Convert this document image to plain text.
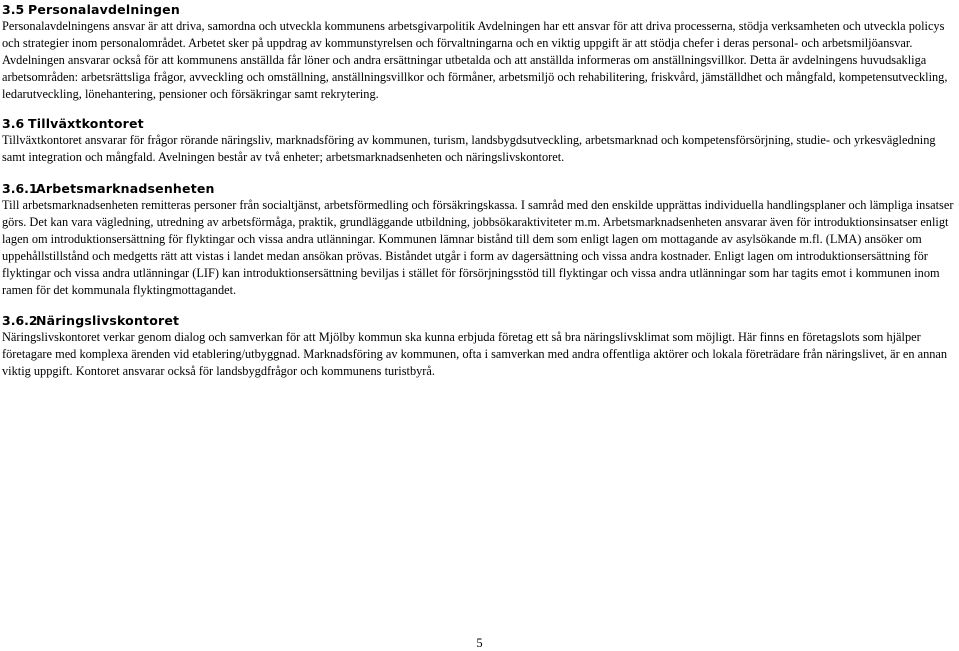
3.5 Personalavdelningen

Personalavdelningens ansvar är att driva, samordna och utveckla kommunens arbetsgivarpolitik Avdelningen har ett ansvar för att driva processerna, stödja verksamheten och utveckla policys och strategier inom personalområdet. Arbetet sker på uppdrag av kommunstyrelsen och förvaltningarna och en viktig uppgift är att stödja chefer i deras personal- och arbetsmiljöansvar. Avdelningen ansvarar också för att kommunens anställda får löner och andra ersättningar utbetalda och att anställda informeras om anställningsvillkor. Detta är avdelningens huvudsakliga arbetsområden: arbetsrättsliga frågor, avveckling och omställning, anställningsvillkor och förmåner, arbetsmiljö och rehabilitering, friskvård, jämställdhet och mångfald, kompetensutveckling, ledarutveckling, lönehantering, pensioner och försäkringar samt rekrytering.

3.6 Tillväxtkontoret

Tillväxtkontoret ansvarar för frågor rörande näringsliv, marknadsföring av kommunen, turism, landsbygdsutveckling, arbetsmarknad och kompetensförsörjning, studie- och yrkesvägledning samt integration och mångfald. Avelningen består av två enheter; arbetsmarknadsenheten och näringslivskontoret.

3.6.1Arbetsmarknadsenheten

Till arbetsmarknadsenheten remitteras personer från socialtjänst, arbetsförmedling och försäkringskassa. I samråd med den enskilde upprättas individuella handlingsplaner och lämpliga insatser görs. Det kan vara vägledning, utredning av arbetsförmåga, praktik, grundläggande utbildning, jobbsökaraktiviteter m.m. Arbetsmarknadsenheten ansvarar även för introduktionsinsatser enligt lagen om introduktionsersättning för flyktingar och vissa andra utlänningar. Kommunen lämnar bistånd till dem som enligt lagen om mottagande av asylsökande m.fl. (LMA) ansöker om uppehållstillstånd och medgetts rätt att vistas i landet medan ansökan prövas. Biståndet utgår i form av dagersättning och vissa andra kostnader. Enligt lagen om introduktionsersättning för flyktingar och vissa andra utlänningar (LIF) kan introduktionsersättning beviljas i stället för försörjningsstöd till flyktingar och vissa andra utlänningar som har tagits emot i kommunen inom ramen för det kommunala flyktingmottagandet.

3.6.2Näringslivskontoret

Näringslivskontoret verkar genom dialog och samverkan för att Mjölby kommun ska kunna erbjuda företag ett så bra näringslivsklimat som möjligt. Här finns en företagslots som hjälper företagare med komplexa ärenden vid etablering/utbyggnad. Marknadsföring av kommunen, ofta i samverkan med andra offentliga aktörer och lokala företrädare från näringslivet, är en annan viktig uppgift. Kontoret ansvarar också för landsbygdfrågor och kommunens turistbyrå.

5
